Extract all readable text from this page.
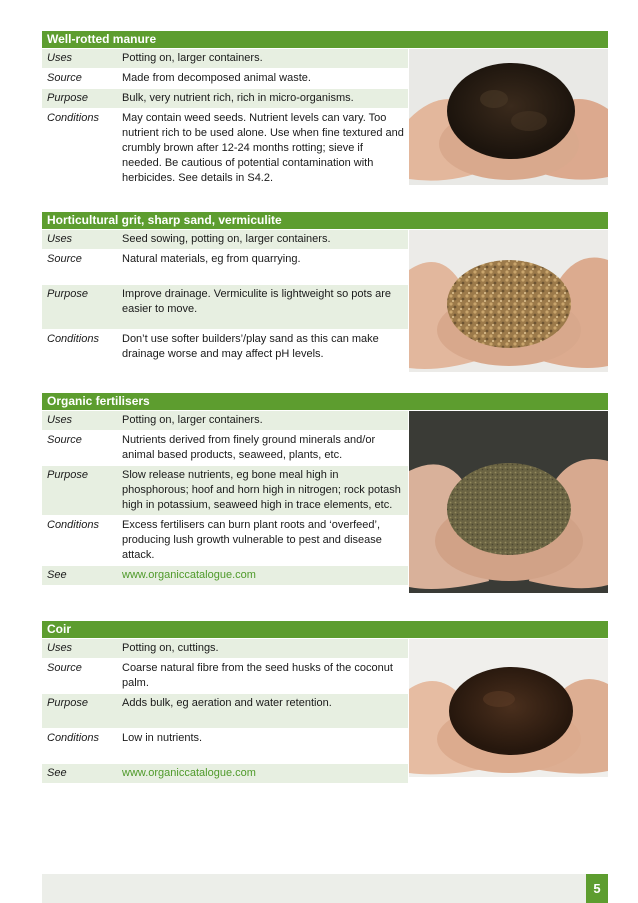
Well-rotted manure
Uses	Potting on, larger containers.
Source	Made from decomposed animal waste.
Purpose	Bulk, very nutrient rich, rich in micro-organisms.
Conditions	May contain weed seeds. Nutrient levels can vary. Too nutrient rich to be used alone. Use when fine textured and crumbly brown after 12-24 months rotting; sieve if needed. Be cautious of potential contamination with herbicides. See details in S4.2.
Horticultural grit, sharp sand, vermiculite
Uses	Seed sowing, potting on, larger containers.
Source	Natural materials, eg from quarrying.
Purpose	Improve drainage. Vermiculite is lightweight so pots are easier to move.
Conditions	Don’t use softer builders’/play sand as this can make drainage worse and may affect pH levels.
Organic fertilisers
Uses	Potting on, larger containers.
Source	Nutrients derived from finely ground minerals and/or animal based products, seaweed, plants, etc.
Purpose	Slow release nutrients, eg bone meal high in phosphorous; hoof and horn high in nitrogen; rock potash high in potassium, seaweed high in trace elements, etc.
Conditions	Excess fertilisers can burn plant roots and ‘overfeed’, producing lush growth vulnerable to pest and disease attack.
See	www.organiccatalogue.com
Coir
Uses	Potting on, cuttings.
Source	Coarse natural fibre from the seed husks of the coconut palm.
Purpose	Adds bulk, eg aeration and water retention.
Conditions	Low in nutrients.
See	www.organiccatalogue.com
5
